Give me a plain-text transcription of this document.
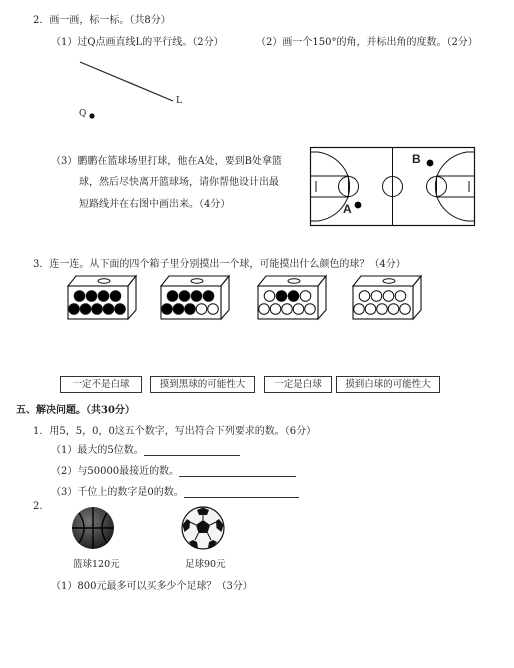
2．画一画，标一标。（共8分）
（1）过Q点画直线L的平行线。（2分）	（2）画一个150°的角，并标出角的度数。（2分）
L
Q
（3）鹏鹏在篮球场里打球，他在A处，要到B处拿篮
球，然后尽快离开篮球场，请你帮他设计出最
短路线并在右图中画出来。（4分）	A
B
3．连一连。从下面的四个箱子里分别摸出一个球，可能摸出什么颜色的球？（4分）
一定不是白球	摸到黑球的可能性大	一定是白球	摸到白球的可能性大
五、解决问题。（共30分）
1．用5，5，0，0这五个数字，写出符合下列要求的数。（6分）
（1）最大的5位数。
（2）与50000最接近的数。
（3）千位上的数字是0的数。
2.
篮球120元	足球90元
（1）800元最多可以买多少个足球？（3分）
